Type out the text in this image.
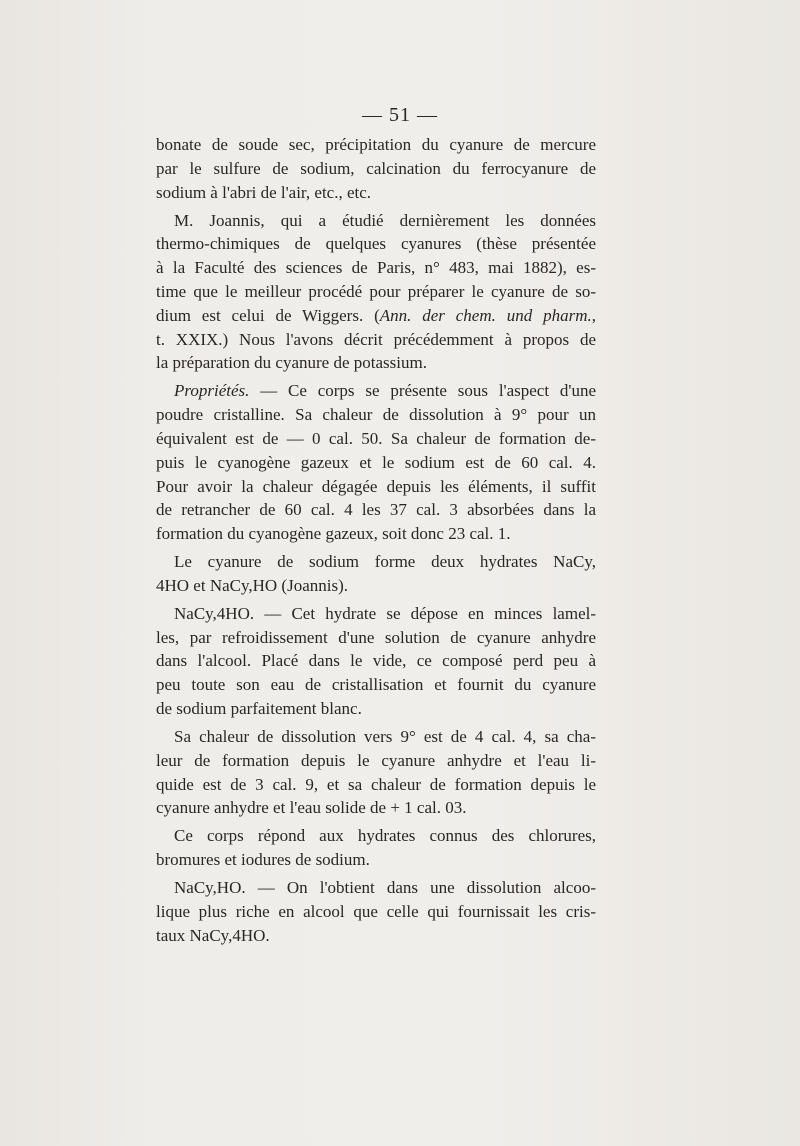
— 51 —
bonate de soude sec, précipitation du cyanure de mercure
par le sulfure de sodium, calcination du ferrocyanure de
sodium à l'abri de l'air, etc., etc.
M. Joannis, qui a étudié dernièrement les données
thermo-chimiques de quelques cyanures (thèse présentée
à la Faculté des sciences de Paris, n° 483, mai 1882), es-
time que le meilleur procédé pour préparer le cyanure de so-
dium est celui de Wiggers. (Ann. der chem. und pharm.,
t. XXIX.) Nous l'avons décrit précédemment à propos de
la préparation du cyanure de potassium.
Propriétés. — Ce corps se présente sous l'aspect d'une
poudre cristalline. Sa chaleur de dissolution à 9° pour un
équivalent est de — 0 cal. 50. Sa chaleur de formation de-
puis le cyanogène gazeux et le sodium est de 60 cal. 4.
Pour avoir la chaleur dégagée depuis les éléments, il suffit
de retrancher de 60 cal. 4 les 37 cal. 3 absorbées dans la
formation du cyanogène gazeux, soit donc 23 cal. 1.
Le cyanure de sodium forme deux hydrates NaCy,
4HO et NaCy,HO (Joannis).
NaCy,4HO. — Cet hydrate se dépose en minces lamel-
les, par refroidissement d'une solution de cyanure anhydre
dans l'alcool. Placé dans le vide, ce composé perd peu à
peu toute son eau de cristallisation et fournit du cyanure
de sodium parfaitement blanc.
Sa chaleur de dissolution vers 9° est de 4 cal. 4, sa cha-
leur de formation depuis le cyanure anhydre et l'eau li-
quide est de 3 cal. 9, et sa chaleur de formation depuis le
cyanure anhydre et l'eau solide de + 1 cal. 03.
Ce corps répond aux hydrates connus des chlorures,
bromures et iodures de sodium.
NaCy,HO. — On l'obtient dans une dissolution alcoo-
lique plus riche en alcool que celle qui fournissait les cris-
taux NaCy,4HO.
